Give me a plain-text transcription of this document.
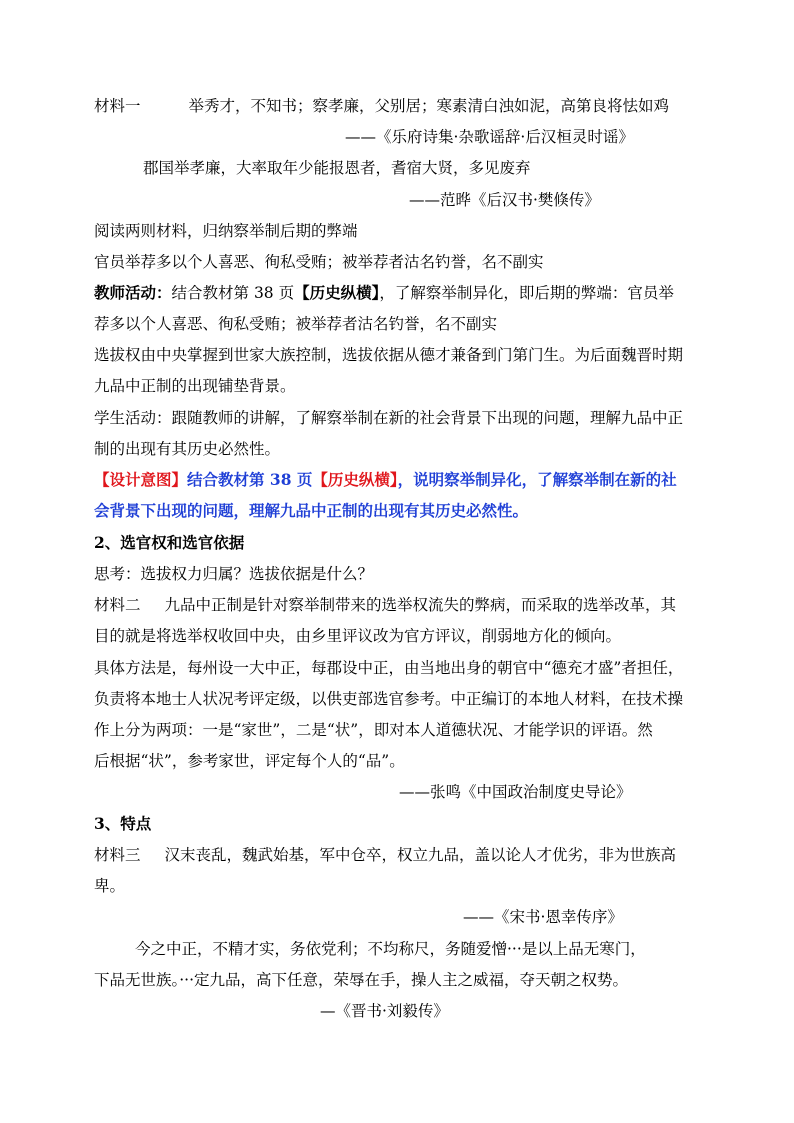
材料一	举秀才，不知书；察孝廉，父别居；寒素清白浊如泥，高第良将怯如鸡
——《乐府诗集·杂歌谣辞·后汉桓灵时谣》
郡国举孝廉，大率取年少能报恩者，耆宿大贤，多见废弃
——范晔《后汉书·樊倏传》
阅读两则材料，归纳察举制后期的弊端
官员举荐多以个人喜恶、徇私受贿；被举荐者沽名钓誉，名不副实
教师活动：结合教材第 38 页【历史纵横】，了解察举制异化，即后期的弊端：官员举
荐多以个人喜恶、徇私受贿；被举荐者沽名钓誉，名不副实
选拔权由中央掌握到世家大族控制，选拔依据从德才兼备到门第门生。为后面魏晋时期
九品中正制的出现铺垫背景。
学生活动：跟随教师的讲解，了解察举制在新的社会背景下出现的问题，理解九品中正
制的出现有其历史必然性。
【设计意图】结合教材第 38 页【历史纵横】，说明察举制异化，了解察举制在新的社
会背景下出现的问题，理解九品中正制的出现有其历史必然性。
2、选官权和选官依据
思考：选拔权力归属？选拔依据是什么？
材料二 九品中正制是针对察举制带来的选举权流失的弊病，而采取的选举改革，其
目的就是将选举权收回中央，由乡里评议改为官方评议，削弱地方化的倾向。
具体方法是，每州设一大中正，每郡设中正，由当地出身的朝官中“德充才盛”者担任，
负责将本地士人状况考评定级，以供吏部选官参考。中正编订的本地人材料，在技术操
作上分为两项：一是“家世”，二是“状”，即对本人道德状况、才能学识的评语。然
后根据“状”，参考家世，评定每个人的“品”。
——张鸣《中国政治制度史导论》
3、特点
材料三 汉末丧乱，魏武始基，军中仓卒，权立九品，盖以论人才优劣，非为世族高
卑。
——《宋书·恩幸传序》
今之中正，不精才实，务依党利；不均称尺，务随爱憎···是以上品无寒门，
下品无世族。···定九品，高下任意，荣辱在手，操人主之威福，夺天朝之权势。
—《晋书·刘毅传》
